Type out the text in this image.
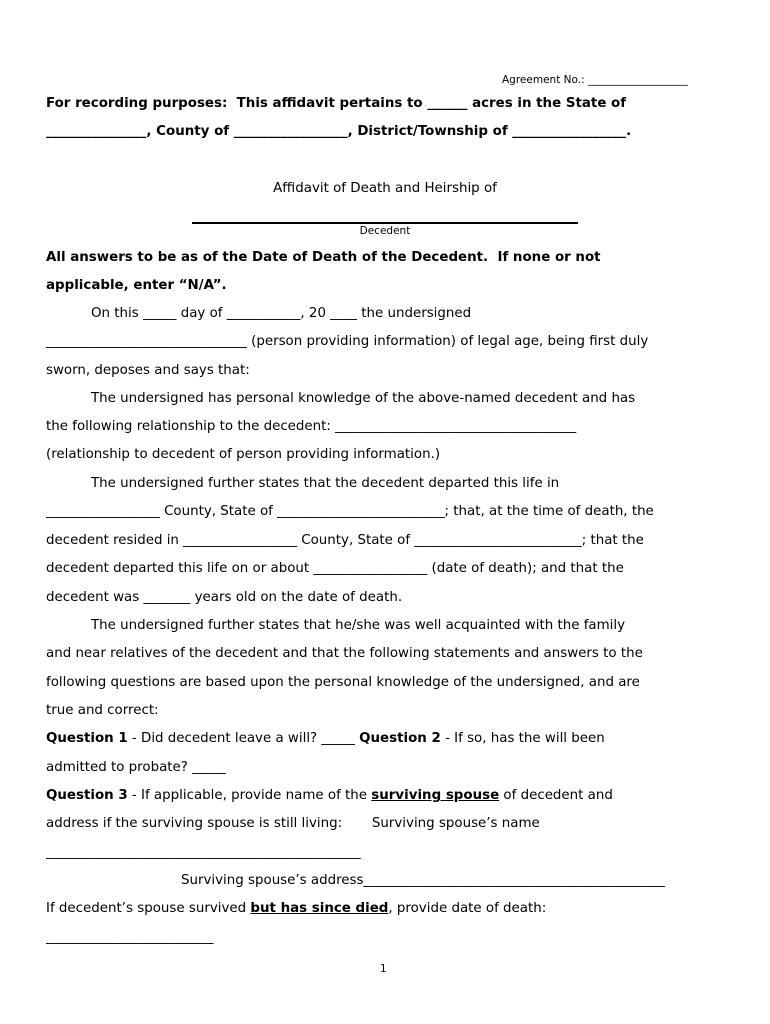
Agreement No.: ___________________
For recording purposes:  This affidavit pertains to ______ acres in the State of
_______________, County of _________________, District/Township of _________________.
Affidavit of Death and Heirship of
Decedent
All answers to be as of the Date of Death of the Decedent.  If none or not
applicable, enter “N/A”.
On this _____ day of ___________, 20 ____ the undersigned
______________________________ (person providing information) of legal age, being first duly
sworn, deposes and says that:
The undersigned has personal knowledge of the above-named decedent and has
the following relationship to the decedent: ____________________________________
(relationship to decedent of person providing information.)
The undersigned further states that the decedent departed this life in
_________________ County, State of _________________________; that, at the time of death, the
decedent resided in _________________ County, State of _________________________; that the
decedent departed this life on or about _________________ (date of death); and that the
decedent was _______ years old on the date of death.
The undersigned further states that he/she was well acquainted with the family
and near relatives of the decedent and that the following statements and answers to the
following questions are based upon the personal knowledge of the undersigned, and are
true and correct:
Question 1 - Did decedent leave a will? _____ Question 2 - If so, has the will been
admitted to probate? _____
Question 3 - If applicable, provide name of the surviving spouse of decedent and
address if the surviving spouse is still living:       Surviving spouse’s name
_______________________________________________
Surviving spouse’s address_____________________________________________
If decedent’s spouse survived but has since died, provide date of death:
_________________________
1
